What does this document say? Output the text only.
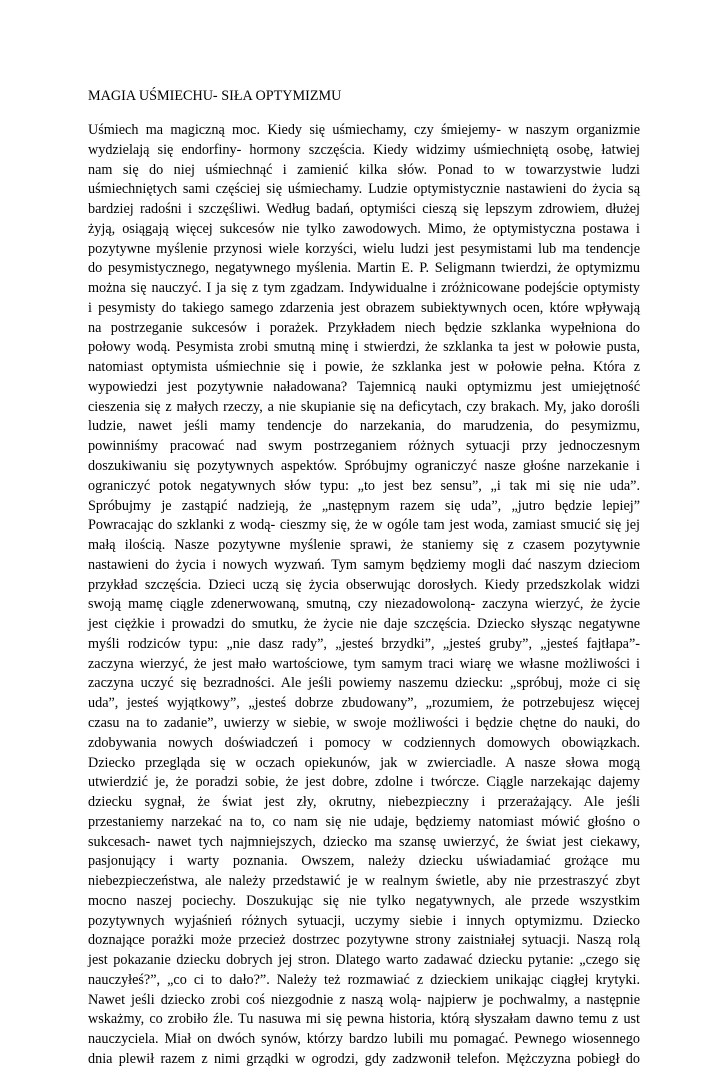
MAGIA UŚMIECHU- SIŁA OPTYMIZMU
Uśmiech ma magiczną moc. Kiedy się uśmiechamy, czy śmiejemy- w naszym organizmie
wydzielają się endorfiny- hormony szczęścia. Kiedy widzimy uśmiechniętą osobę, łatwiej
nam się do niej uśmiechnąć i zamienić kilka słów. Ponad to w towarzystwie ludzi
uśmiechniętych sami częściej się uśmiechamy. Ludzie optymistycznie nastawieni do życia są
bardziej radośni i szczęśliwi. Według badań, optymiści cieszą się lepszym zdrowiem, dłużej
żyją, osiągają więcej sukcesów nie tylko zawodowych. Mimo, że optymistyczna postawa i
pozytywne myślenie przynosi wiele korzyści, wielu ludzi jest pesymistami lub ma tendencje
do pesymistycznego, negatywnego myślenia. Martin E. P. Seligmann twierdzi, że optymizmu
można się nauczyć. I ja się z tym zgadzam. Indywidualne i zróżnicowane podejście optymisty
i pesymisty do takiego samego zdarzenia jest obrazem subiektywnych ocen, które wpływają
na postrzeganie sukcesów i porażek. Przykładem niech będzie szklanka wypełniona do
połowy wodą. Pesymista zrobi smutną minę i stwierdzi, że szklanka ta jest w połowie pusta,
natomiast optymista uśmiechnie się i powie, że szklanka jest w połowie pełna. Która z
wypowiedzi jest pozytywnie naładowana? Tajemnicą nauki optymizmu jest umiejętność
cieszenia się z małych rzeczy, a nie skupianie się na deficytach, czy brakach. My, jako dorośli
ludzie, nawet jeśli mamy tendencje do narzekania, do marudzenia, do pesymizmu,
powinniśmy pracować nad swym postrzeganiem różnych sytuacji przy jednoczesnym
doszukiwaniu się pozytywnych aspektów. Spróbujmy ograniczyć nasze głośne narzekanie i
ograniczyć potok negatywnych słów typu: „to jest bez sensu”, „i tak mi się nie uda”.
Spróbujmy je zastąpić nadzieją, że „następnym razem się uda”, „jutro będzie lepiej”
Powracając do szklanki z wodą- cieszmy się, że w ogóle tam jest woda, zamiast smucić się jej
małą ilością. Nasze pozytywne myślenie sprawi, że staniemy się z czasem pozytywnie
nastawieni do życia i nowych wyzwań. Tym samym będziemy mogli dać naszym dzieciom
przykład szczęścia. Dzieci uczą się życia obserwując dorosłych. Kiedy przedszkolak widzi
swoją mamę ciągle zdenerwowaną, smutną, czy niezadowoloną- zaczyna wierzyć, że życie
jest ciężkie i prowadzi do smutku, że życie nie daje szczęścia. Dziecko słysząc negatywne
myśli rodziców typu: „nie dasz rady”, „jesteś brzydki”, „jesteś gruby”, „jesteś fajtłapa”-
zaczyna wierzyć, że jest mało wartościowe, tym samym traci wiarę we własne możliwości i
zaczyna uczyć się bezradności. Ale jeśli powiemy naszemu dziecku: „spróbuj, może ci się
uda”, jesteś wyjątkowy”, „jesteś dobrze zbudowany”, „rozumiem, że potrzebujesz więcej
czasu na to zadanie”, uwierzy w siebie, w swoje możliwości i będzie chętne do nauki, do
zdobywania nowych doświadczeń i pomocy w codziennych domowych obowiązkach.
Dziecko przegląda się w oczach opiekunów, jak w zwierciadle. A nasze słowa mogą
utwierdzić je, że poradzi sobie, że jest dobre, zdolne i twórcze. Ciągle narzekając dajemy
dziecku sygnał, że świat jest zły, okrutny, niebezpieczny i przerażający. Ale jeśli
przestaniemy narzekać na to, co nam się nie udaje, będziemy natomiast mówić głośno o
sukcesach- nawet tych najmniejszych, dziecko ma szansę uwierzyć, że świat jest ciekawy,
pasjonujący i warty poznania. Owszem, należy dziecku uświadamiać grożące mu
niebezpieczeństwa, ale należy przedstawić je w realnym świetle, aby nie przestraszyć zbyt
mocno naszej pociechy. Doszukując się nie tylko negatywnych, ale przede wszystkim
pozytywnych wyjaśnień różnych sytuacji, uczymy siebie i innych optymizmu. Dziecko
doznające porażki może przecież dostrzec pozytywne strony zaistniałej sytuacji. Naszą rolą
jest pokazanie dziecku dobrych jej stron. Dlatego warto zadawać dziecku pytanie: „czego się
nauczyłeś?”, „co ci to dało?”. Należy też rozmawiać z dzieckiem unikając ciągłej krytyki.
Nawet jeśli dziecko zrobi coś niezgodnie z naszą wolą- najpierw je pochwalmy, a następnie
wskażmy, co zrobiło źle. Tu nasuwa mi się pewna historia, którą słyszałam dawno temu z ust
nauczyciela. Miał on dwóch synów, którzy bardzo lubili mu pomagać. Pewnego wiosennego
dnia plewił razem z nimi grządki w ogrodzi, gdy zadzwonił telefon. Mężczyzna pobiegł do
